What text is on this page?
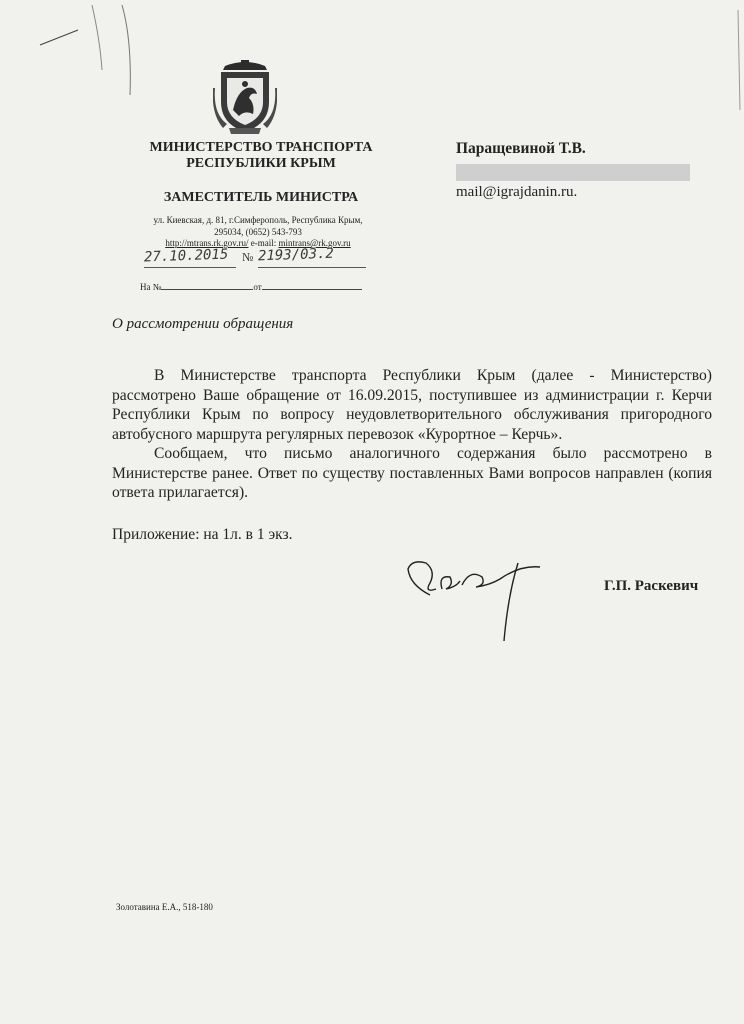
МИНИСТЕРСТВО ТРАНСПОРТА
РЕСПУБЛИКИ КРЫМ
ЗАМЕСТИТЕЛЬ МИНИСТРА
ул. Киевская, д. 81, г.Симферополь, Республика Крым,
295034, (0652) 543-793
http://mtrans.rk.gov.ru/ e-mail: mintrans@rk.gov.ru
27.10.2015 № 2193/03.2
На №	от
Паращевиной Т.В.
mail@igrajdanin.ru.
О рассмотрении обращения

В Министерстве транспорта Республики Крым (далее - Министерство) рассмотрено Ваше обращение от 16.09.2015, поступившее из администрации г. Керчи Республики Крым по вопросу неудовлетворительного обслуживания пригородного автобусного маршрута регулярных перевозок «Курортное – Керчь».

Сообщаем, что письмо аналогичного содержания было рассмотрено в Министерстве ранее. Ответ по существу поставленных Вами вопросов направлен (копия ответа прилагается).

Приложение: на 1л. в 1 экз.
Г.П. Раскевич
Золотавина Е.А., 518-180
